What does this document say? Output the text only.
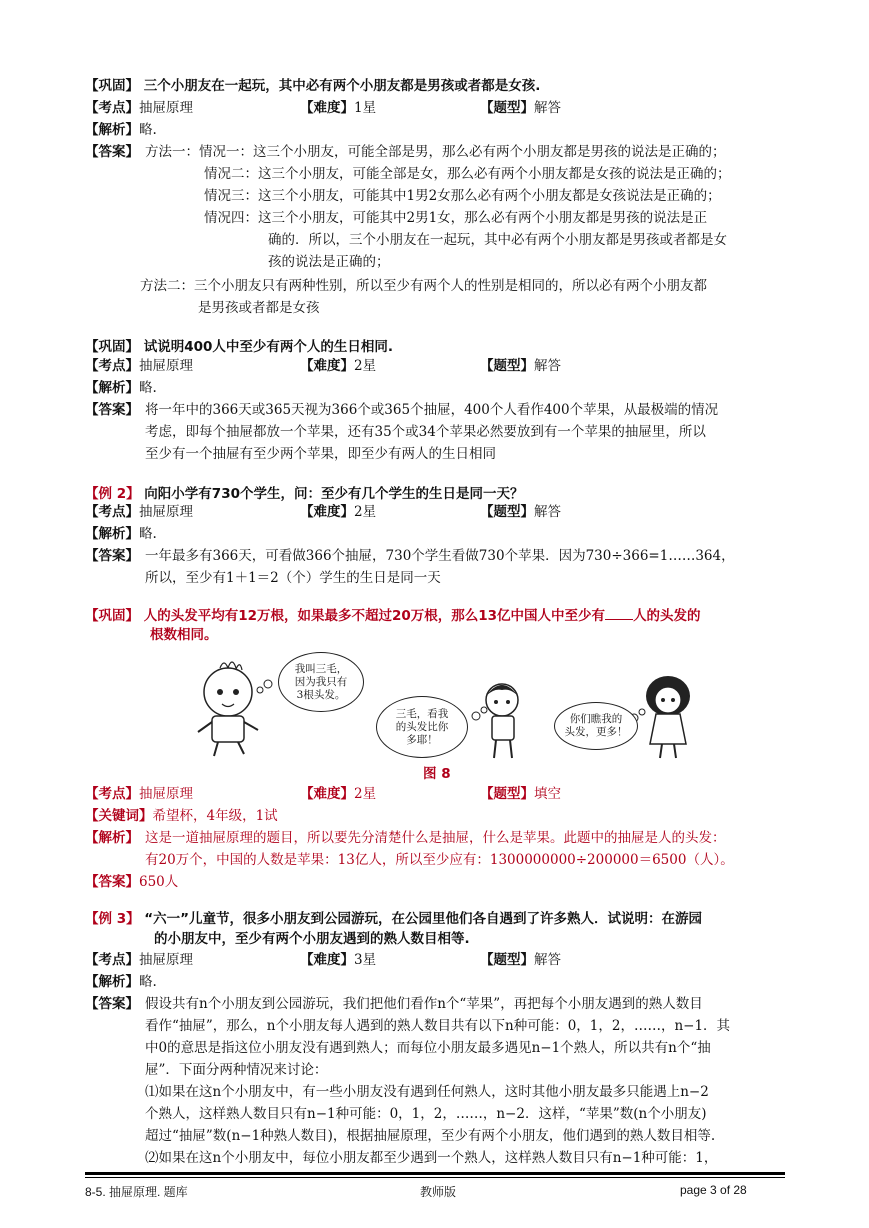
【巩固】 三个小朋友在一起玩，其中必有两个小朋友都是男孩或者都是女孩.
【考点】抽屉原理	【难度】1星	【题型】解答
【解析】略.
【答案】 方法一：情况一：这三个小朋友，可能全部是男，那么必有两个小朋友都是男孩的说法是正确的；
情况二：这三个小朋友，可能全部是女，那么必有两个小朋友都是女孩的说法是正确的；
情况三：这三个小朋友，可能其中1男2女那么必有两个小朋友都是女孩说法是正确的；
情况四：这三个小朋友，可能其中2男1女，那么必有两个小朋友都是男孩的说法是正
确的．所以，三个小朋友在一起玩，其中必有两个小朋友都是男孩或者都是女
孩的说法是正确的；
方法二：三个小朋友只有两种性别，所以至少有两个人的性别是相同的，所以必有两个小朋友都
是男孩或者都是女孩
【巩固】 试说明400人中至少有两个人的生日相同.
【考点】抽屉原理	【难度】2星	【题型】解答
【解析】略.
【答案】 将一年中的366天或365天视为366个或365个抽屉，400个人看作400个苹果，从最极端的情况
考虑，即每个抽屉都放一个苹果，还有35个或34个苹果必然要放到有一个苹果的抽屉里，所以
至少有一个抽屉有至少两个苹果，即至少有两人的生日相同
【例 2】 向阳小学有730个学生，问：至少有几个学生的生日是同一天？
【考点】抽屉原理	【难度】2星	【题型】解答
【解析】略.
【答案】 一年最多有366天，可看做366个抽屉，730个学生看做730个苹果．因为730÷366=1……364，
所以，至少有1＋1＝2（个）学生的生日是同一天
【巩固】 人的头发平均有12万根，如果最多不超过20万根，那么13亿中国人中至少有 人的头发的
根数相同。
我叫三毛，
因为我只有
3根头发。
三毛，看我
的头发比你
多耶！
你们瞧我的
头发，更多！
图 8
【考点】抽屉原理	【难度】2星	【题型】填空
【关键词】希望杯，4年级，1试
【解析】 这是一道抽屉原理的题目，所以要先分清楚什么是抽屉，什么是苹果。此题中的抽屉是人的头发：
有20万个，中国的人数是苹果：13亿人，所以至少应有：1300000000÷200000＝6500（人）。
【答案】650人
【例 3】 “六一”儿童节，很多小朋友到公园游玩，在公园里他们各自遇到了许多熟人．试说明：在游园
的小朋友中，至少有两个小朋友遇到的熟人数目相等.
【考点】抽屉原理	【难度】3星	【题型】解答
【解析】略.
【答案】 假设共有n个小朋友到公园游玩，我们把他们看作n个“苹果”，再把每个小朋友遇到的熟人数目
看作“抽屉”，那么，n个小朋友每人遇到的熟人数目共有以下n种可能：0，1，2，……，n−1．其
中0的意思是指这位小朋友没有遇到熟人；而每位小朋友最多遇见n−1个熟人，所以共有n个“抽
屉”．下面分两种情况来讨论：
⑴如果在这n个小朋友中，有一些小朋友没有遇到任何熟人，这时其他小朋友最多只能遇上n−2
个熟人，这样熟人数目只有n−1种可能：0，1，2，……，n−2．这样，“苹果”数(n个小朋友)
超过“抽屉”数(n−1种熟人数目)，根据抽屉原理，至少有两个小朋友，他们遇到的熟人数目相等.
⑵如果在这n个小朋友中，每位小朋友都至少遇到一个熟人，这样熟人数目只有n−1种可能：1，
8-5. 抽屉原理. 题库	教师版	page 3 of 28
